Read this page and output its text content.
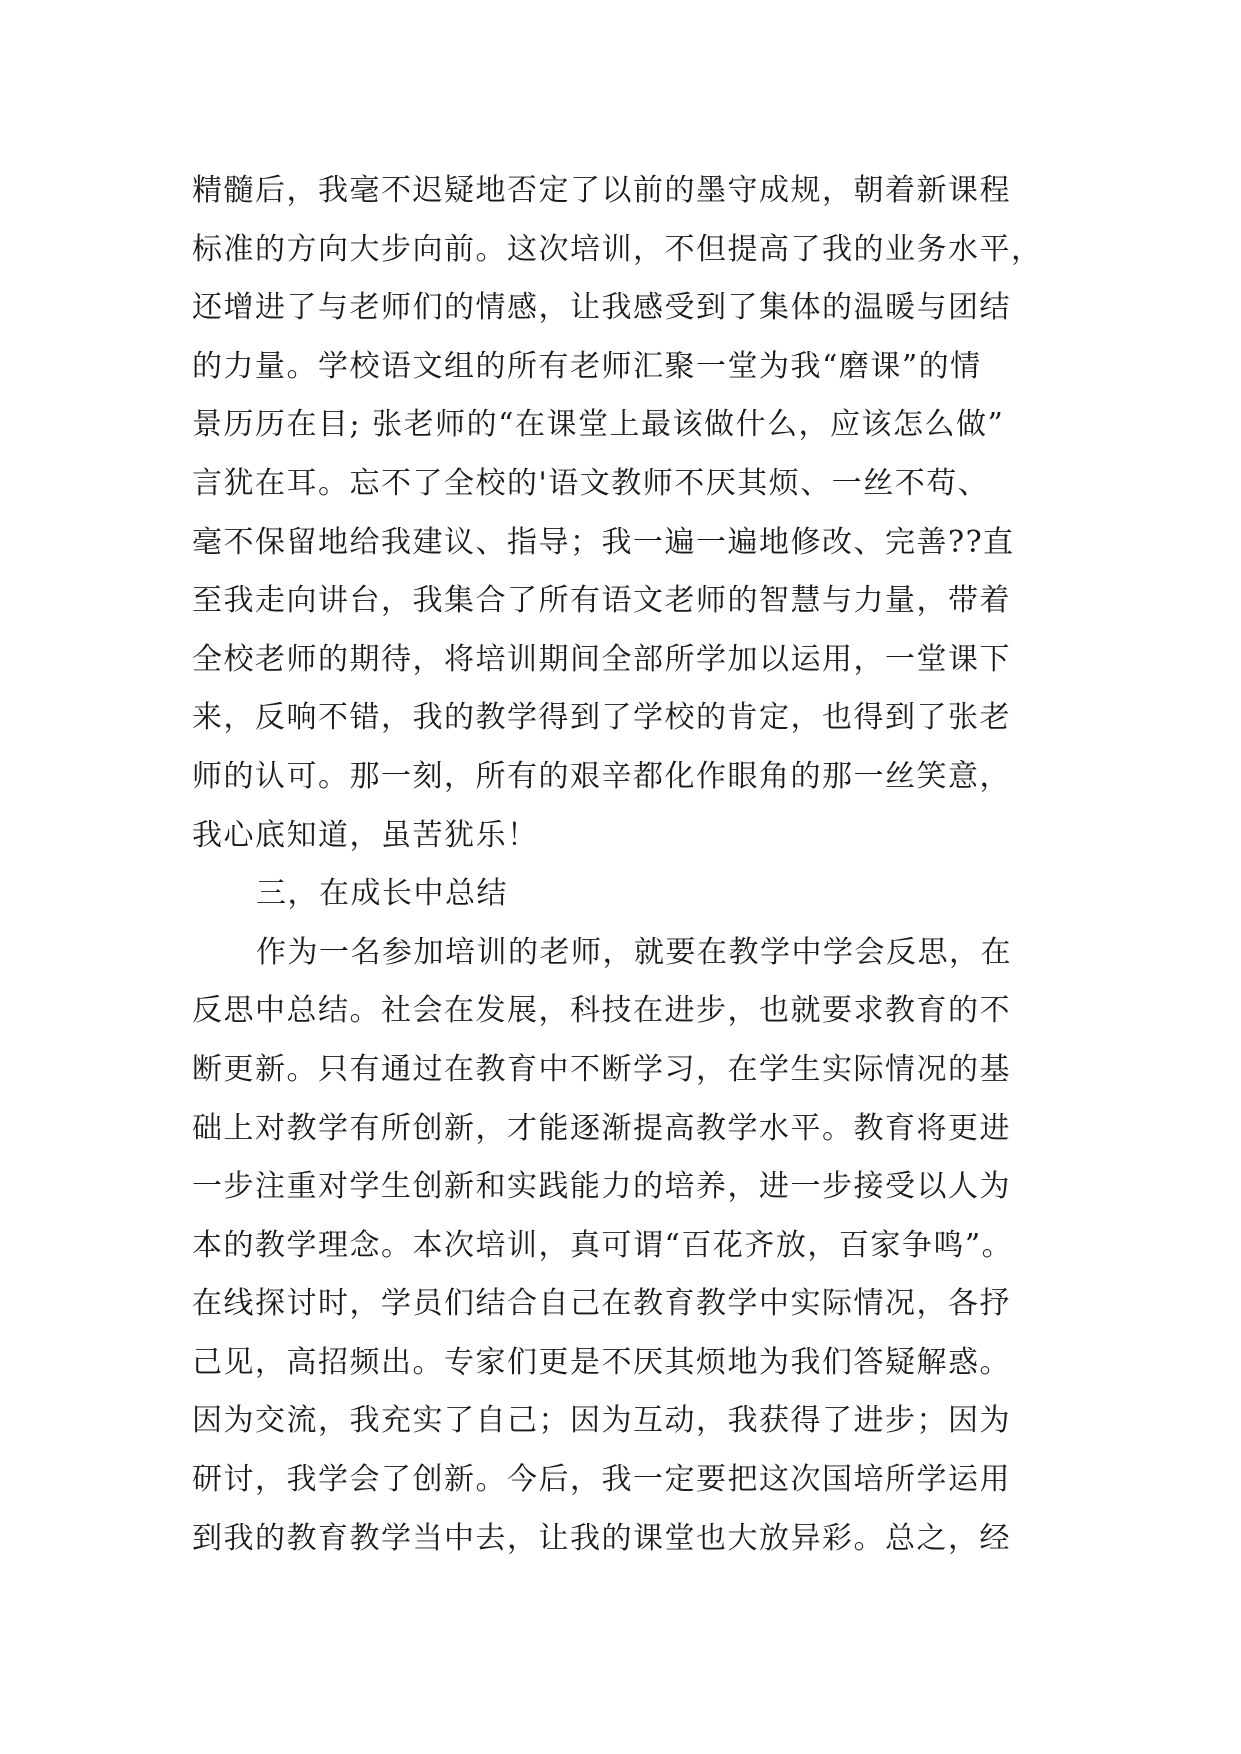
精髓后，我毫不迟疑地否定了以前的墨守成规，朝着新课程
标准的方向大步向前。这次培训，不但提高了我的业务水平，
还增进了与老师们的情感，让我感受到了集体的温暖与团结
的力量。学校语文组的所有老师汇聚一堂为我“磨课”的情
景历历在目; 张老师的“在课堂上最该做什么，应该怎么做”
言犹在耳。忘不了全校的'语文教师不厌其烦、一丝不苟、
毫不保留地给我建议、指导；我一遍一遍地修改、完善??直
至我走向讲台，我集合了所有语文老师的智慧与力量，带着
全校老师的期待，将培训期间全部所学加以运用，一堂课下
来，反响不错，我的教学得到了学校的肯定，也得到了张老
师的认可。那一刻，所有的艰辛都化作眼角的那一丝笑意，
我心底知道，虽苦犹乐！
三，在成长中总结
作为一名参加培训的老师，就要在教学中学会反思，在
反思中总结。社会在发展，科技在进步，也就要求教育的不
断更新。只有通过在教育中不断学习，在学生实际情况的基
础上对教学有所创新，才能逐渐提高教学水平。教育将更进
一步注重对学生创新和实践能力的培养，进一步接受以人为
本的教学理念。本次培训，真可谓“百花齐放，百家争鸣”。
在线探讨时，学员们结合自己在教育教学中实际情况，各抒
己见，高招频出。专家们更是不厌其烦地为我们答疑解惑。
因为交流，我充实了自己；因为互动，我获得了进步；因为
研讨，我学会了创新。今后，我一定要把这次国培所学运用
到我的教育教学当中去，让我的课堂也大放异彩。总之，经
